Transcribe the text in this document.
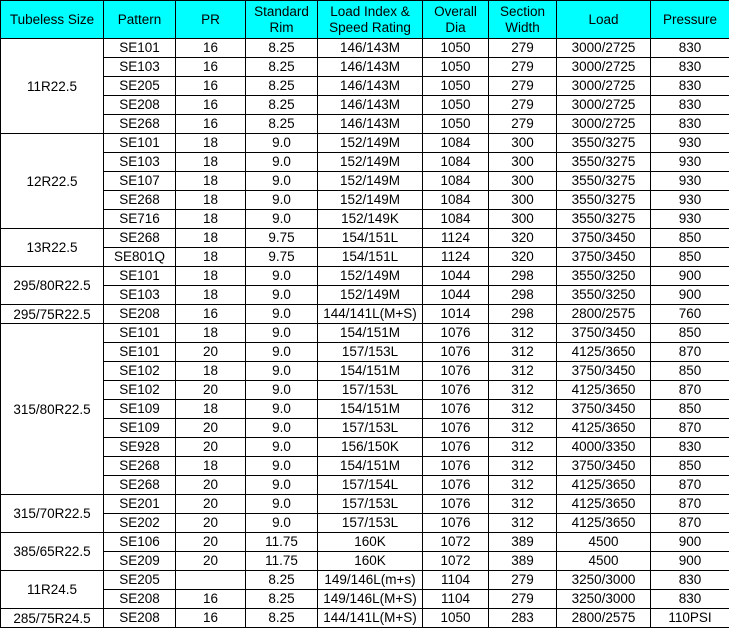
Tubeless Size	Pattern	PR	Standard Rim	Load Index & Speed Rating	Overall Dia	Section Width	Load	Pressure
11R22.5	SE101	16	8.25	146/143M	1050	279	3000/2725	830
	SE103	16	8.25	146/143M	1050	279	3000/2725	830
	SE205	16	8.25	146/143M	1050	279	3000/2725	830
	SE208	16	8.25	146/143M	1050	279	3000/2725	830
	SE268	16	8.25	146/143M	1050	279	3000/2725	830
12R22.5	SE101	18	9.0	152/149M	1084	300	3550/3275	930
	SE103	18	9.0	152/149M	1084	300	3550/3275	930
	SE107	18	9.0	152/149M	1084	300	3550/3275	930
	SE268	18	9.0	152/149M	1084	300	3550/3275	930
	SE716	18	9.0	152/149K	1084	300	3550/3275	930
13R22.5	SE268	18	9.75	154/151L	1124	320	3750/3450	850
	SE801Q	18	9.75	154/151L	1124	320	3750/3450	850
295/80R22.5	SE101	18	9.0	152/149M	1044	298	3550/3250	900
	SE103	18	9.0	152/149M	1044	298	3550/3250	900
295/75R22.5	SE208	16	9.0	144/141L(M+S)	1014	298	2800/2575	760
315/80R22.5	SE101	18	9.0	154/151M	1076	312	3750/3450	850
	SE101	20	9.0	157/153L	1076	312	4125/3650	870
	SE102	18	9.0	154/151M	1076	312	3750/3450	850
	SE102	20	9.0	157/153L	1076	312	4125/3650	870
	SE109	18	9.0	154/151M	1076	312	3750/3450	850
	SE109	20	9.0	157/153L	1076	312	4125/3650	870
	SE928	20	9.0	156/150K	1076	312	4000/3350	830
	SE268	18	9.0	154/151M	1076	312	3750/3450	850
	SE268	20	9.0	157/154L	1076	312	4125/3650	870
315/70R22.5	SE201	20	9.0	157/153L	1076	312	4125/3650	870
	SE202	20	9.0	157/153L	1076	312	4125/3650	870
385/65R22.5	SE106	20	11.75	160K	1072	389	4500	900
	SE209	20	11.75	160K	1072	389	4500	900
11R24.5	SE205		8.25	149/146L(m+s)	1104	279	3250/3000	830
	SE208	16	8.25	149/146L(M+S)	1104	279	3250/3000	830
285/75R24.5	SE208	16	8.25	144/141L(M+S)	1050	283	2800/2575	110PSI
